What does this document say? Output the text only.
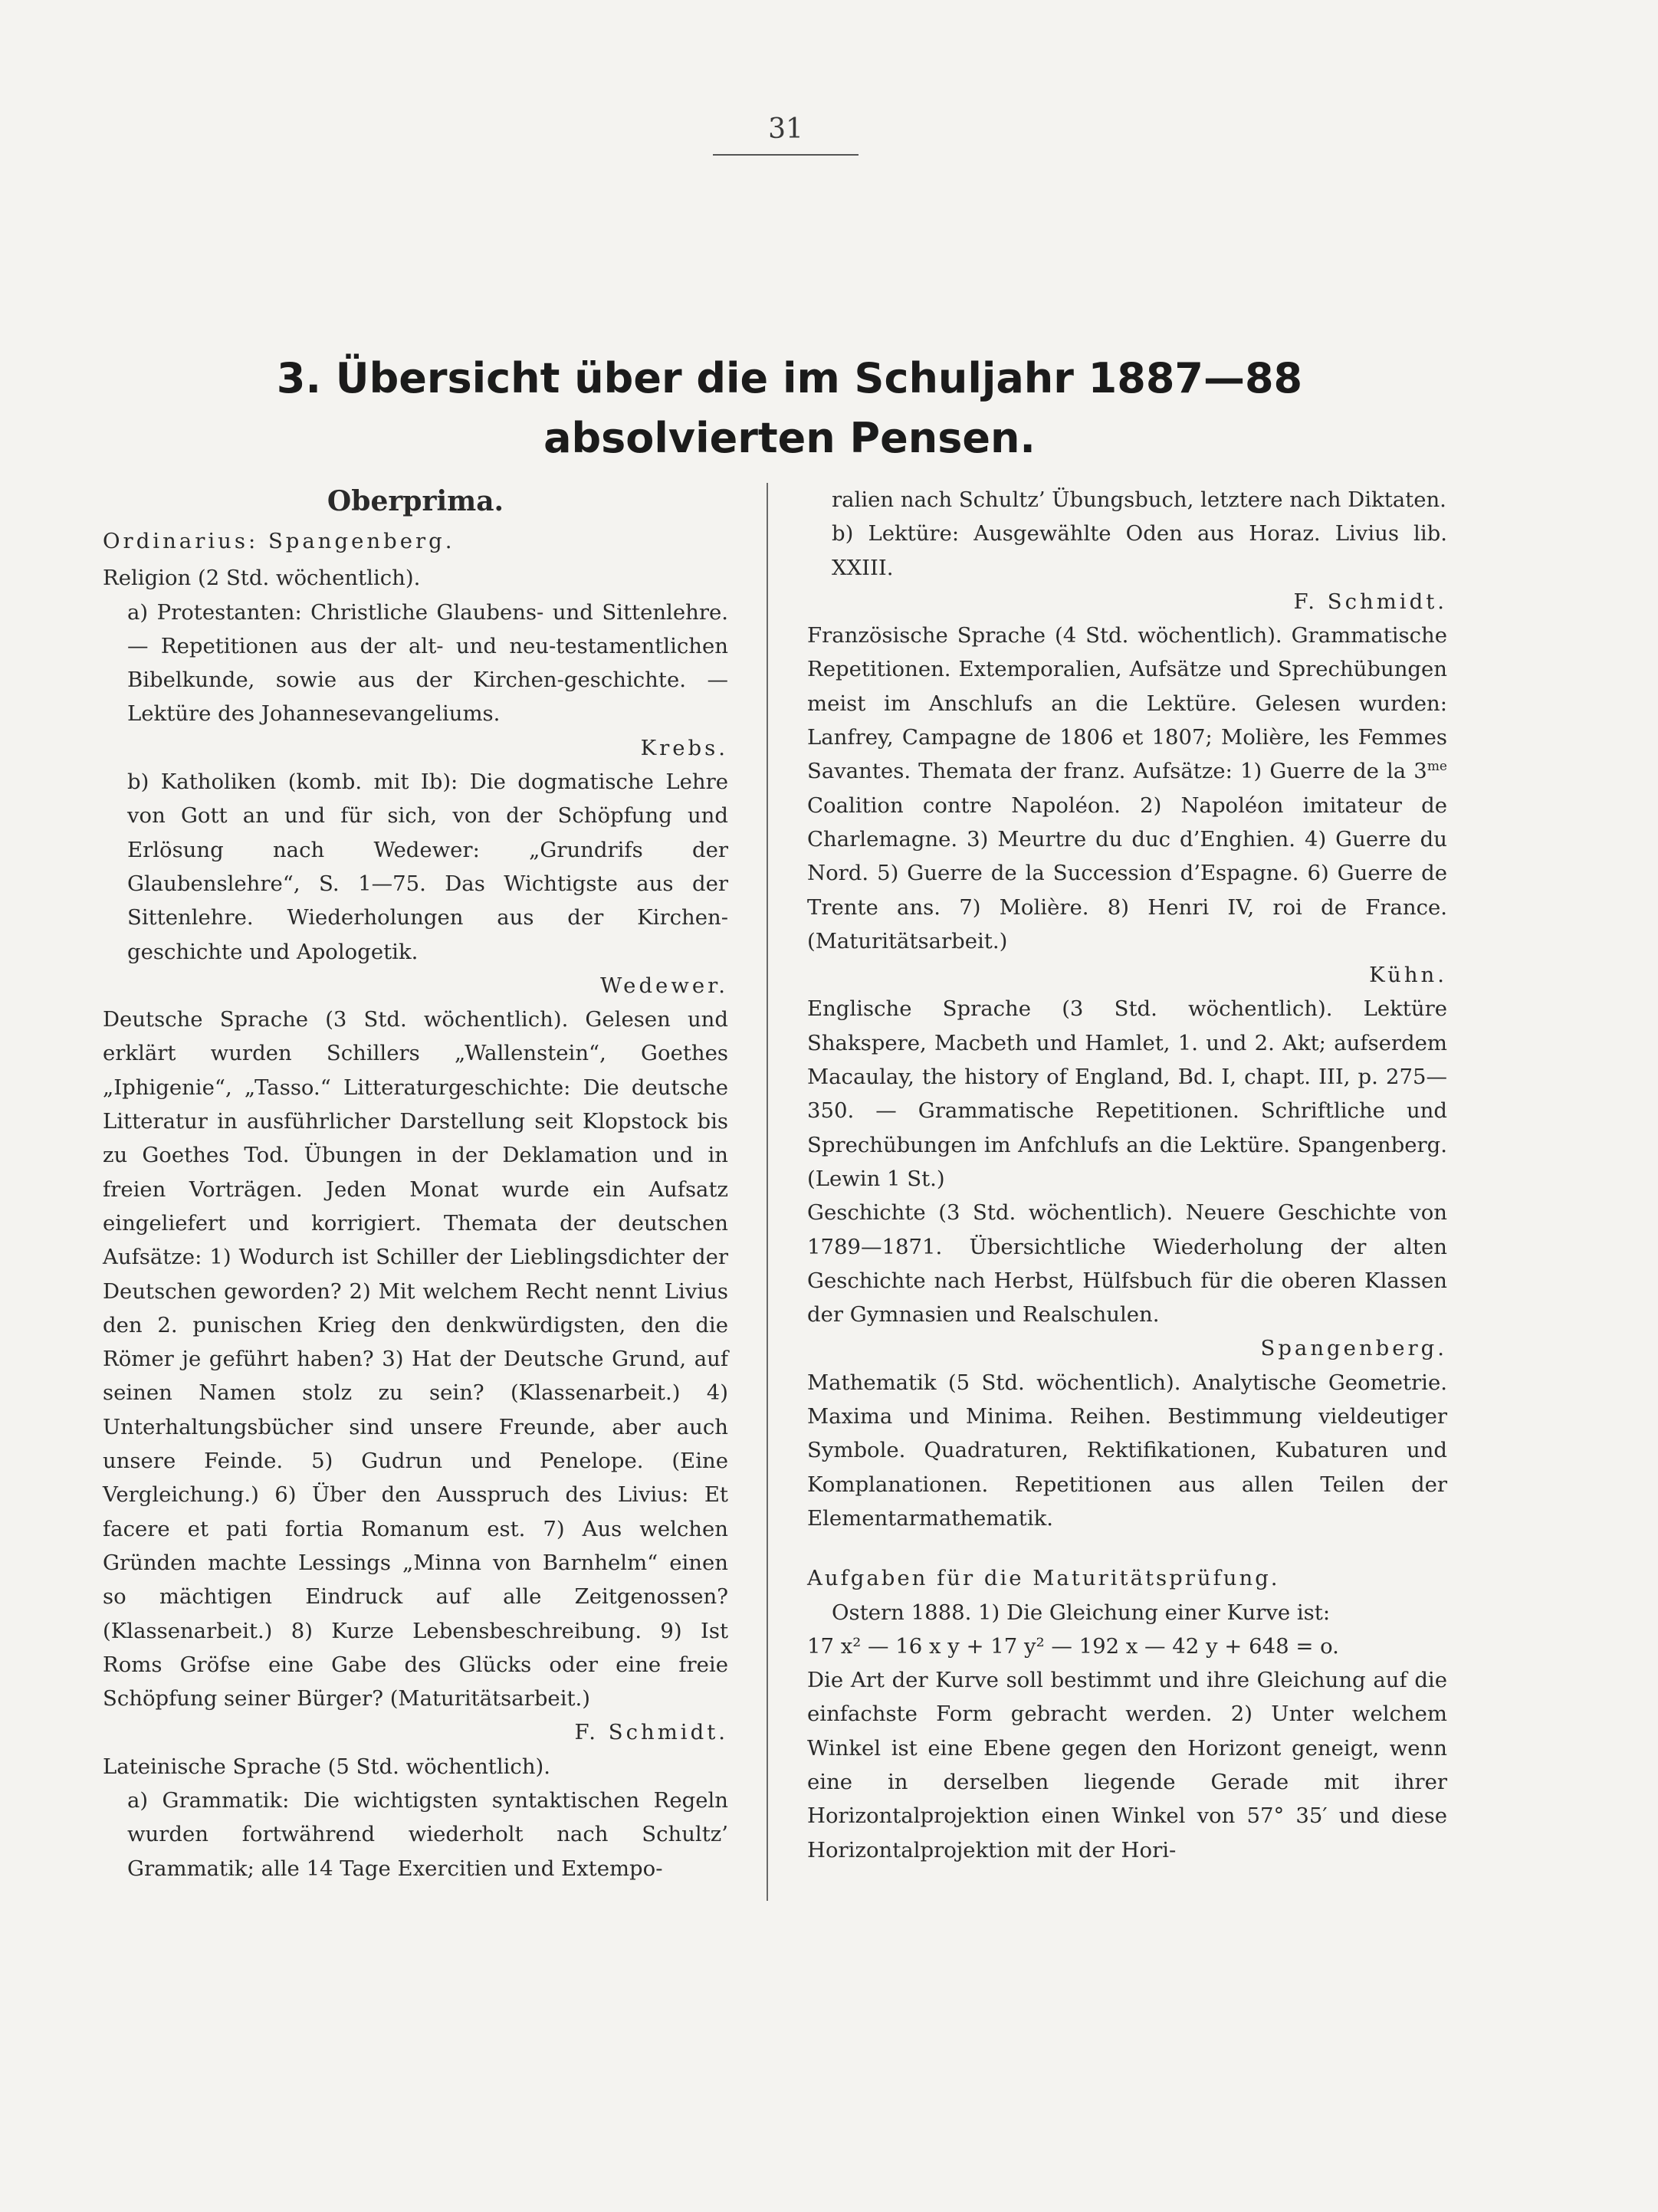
31
3. Übersicht über die im Schuljahr 1887—88
absolvierten Pensen.
Oberprima.

Ordinarius: Spangenberg.

Religion (2 Std. wöchentlich).

a) Protestanten: Christliche Glaubens- und Sittenlehre. — Repetitionen aus der alt- und neu-testamentlichen Bibelkunde, sowie aus der Kirchen-geschichte. — Lektüre des Johannesevangeliums.

Krebs.

b) Katholiken (komb. mit Ib): Die dogmatische Lehre von Gott an und für sich, von der Schöpfung und Erlösung nach Wedewer: „Grundrifs der Glaubenslehre“, S. 1—75. Das Wichtigste aus der Sittenlehre. Wiederholungen aus der Kirchen-geschichte und Apologetik.

Wedewer.

Deutsche Sprache (3 Std. wöchentlich). Gelesen und erklärt wurden Schillers „Wallenstein“, Goethes „Iphigenie“, „Tasso.“ Litteraturgeschichte: Die deutsche Litteratur in ausführlicher Darstellung seit Klopstock bis zu Goethes Tod. Übungen in der Deklamation und in freien Vorträgen. Jeden Monat wurde ein Aufsatz eingeliefert und korrigiert. Themata der deutschen Aufsätze: 1) Wodurch ist Schiller der Lieblingsdichter der Deutschen geworden? 2) Mit welchem Recht nennt Livius den 2. punischen Krieg den denkwürdigsten, den die Römer je geführt haben? 3) Hat der Deutsche Grund, auf seinen Namen stolz zu sein? (Klassenarbeit.) 4) Unterhaltungsbücher sind unsere Freunde, aber auch unsere Feinde. 5) Gudrun und Penelope. (Eine Vergleichung.) 6) Über den Ausspruch des Livius: Et facere et pati fortia Romanum est. 7) Aus welchen Gründen machte Lessings „Minna von Barnhelm“ einen so mächtigen Eindruck auf alle Zeitgenossen? (Klassenarbeit.) 8) Kurze Lebensbeschreibung. 9) Ist Roms Gröfse eine Gabe des Glücks oder eine freie Schöpfung seiner Bürger? (Maturitätsarbeit.)

F. Schmidt.

Lateinische Sprache (5 Std. wöchentlich).

a) Grammatik: Die wichtigsten syntaktischen Regeln wurden fortwährend wiederholt nach Schultz’ Grammatik; alle 14 Tage Exercitien und Extempo-

ralien nach Schultz’ Übungsbuch, letztere nach Diktaten.

b) Lektüre: Ausgewählte Oden aus Horaz. Livius lib. XXIII.

F. Schmidt.

Französische Sprache (4 Std. wöchentlich). Grammatische Repetitionen. Extemporalien, Aufsätze und Sprechübungen meist im Anschlufs an die Lektüre. Gelesen wurden: Lanfrey, Campagne de 1806 et 1807; Molière, les Femmes Savantes. Themata der franz. Aufsätze: 1) Guerre de la $3^{me}$ Coalition contre Napoléon. 2) Napoléon imitateur de Charlemagne. 3) Meurtre du duc d’Enghien. 4) Guerre du Nord. 5) Guerre de la Succession d’Espagne. 6) Guerre de Trente ans. 7) Molière. 8) Henri IV, roi de France. (Maturitätsarbeit.)

Kühn.

Englische Sprache (3 Std. wöchentlich). Lektüre Shakspere, Macbeth und Hamlet, 1. und 2. Akt; aufserdem Macaulay, the history of England, Bd. I, chapt. III, p. 275—350. — Grammatische Repetitionen. Schriftliche und Sprechübungen im Anfchlufs an die Lektüre. Spangenberg. (Lewin 1 St.)

Geschichte (3 Std. wöchentlich). Neuere Geschichte von 1789—1871. Übersichtliche Wiederholung der alten Geschichte nach Herbst, Hülfsbuch für die oberen Klassen der Gymnasien und Realschulen.

Spangenberg.

Mathematik (5 Std. wöchentlich). Analytische Geometrie. Maxima und Minima. Reihen. Bestimmung vieldeutiger Symbole. Quadraturen, Rektifikationen, Kubaturen und Komplanationen. Repetitionen aus allen Teilen der Elementarmathematik.

Aufgaben für die Maturitätsprüfung.

Ostern 1888. 1) Die Gleichung einer Kurve ist:

17 x² — 16 x y + 17 y² — 192 x — 42 y + 648 = o.

Die Art der Kurve soll bestimmt und ihre Gleichung auf die einfachste Form gebracht werden. 2) Unter welchem Winkel ist eine Ebene gegen den Horizont geneigt, wenn eine in derselben liegende Gerade mit ihrer Horizontalprojektion einen Winkel von 57° 35′ und diese Horizontalprojektion mit der Hori-
